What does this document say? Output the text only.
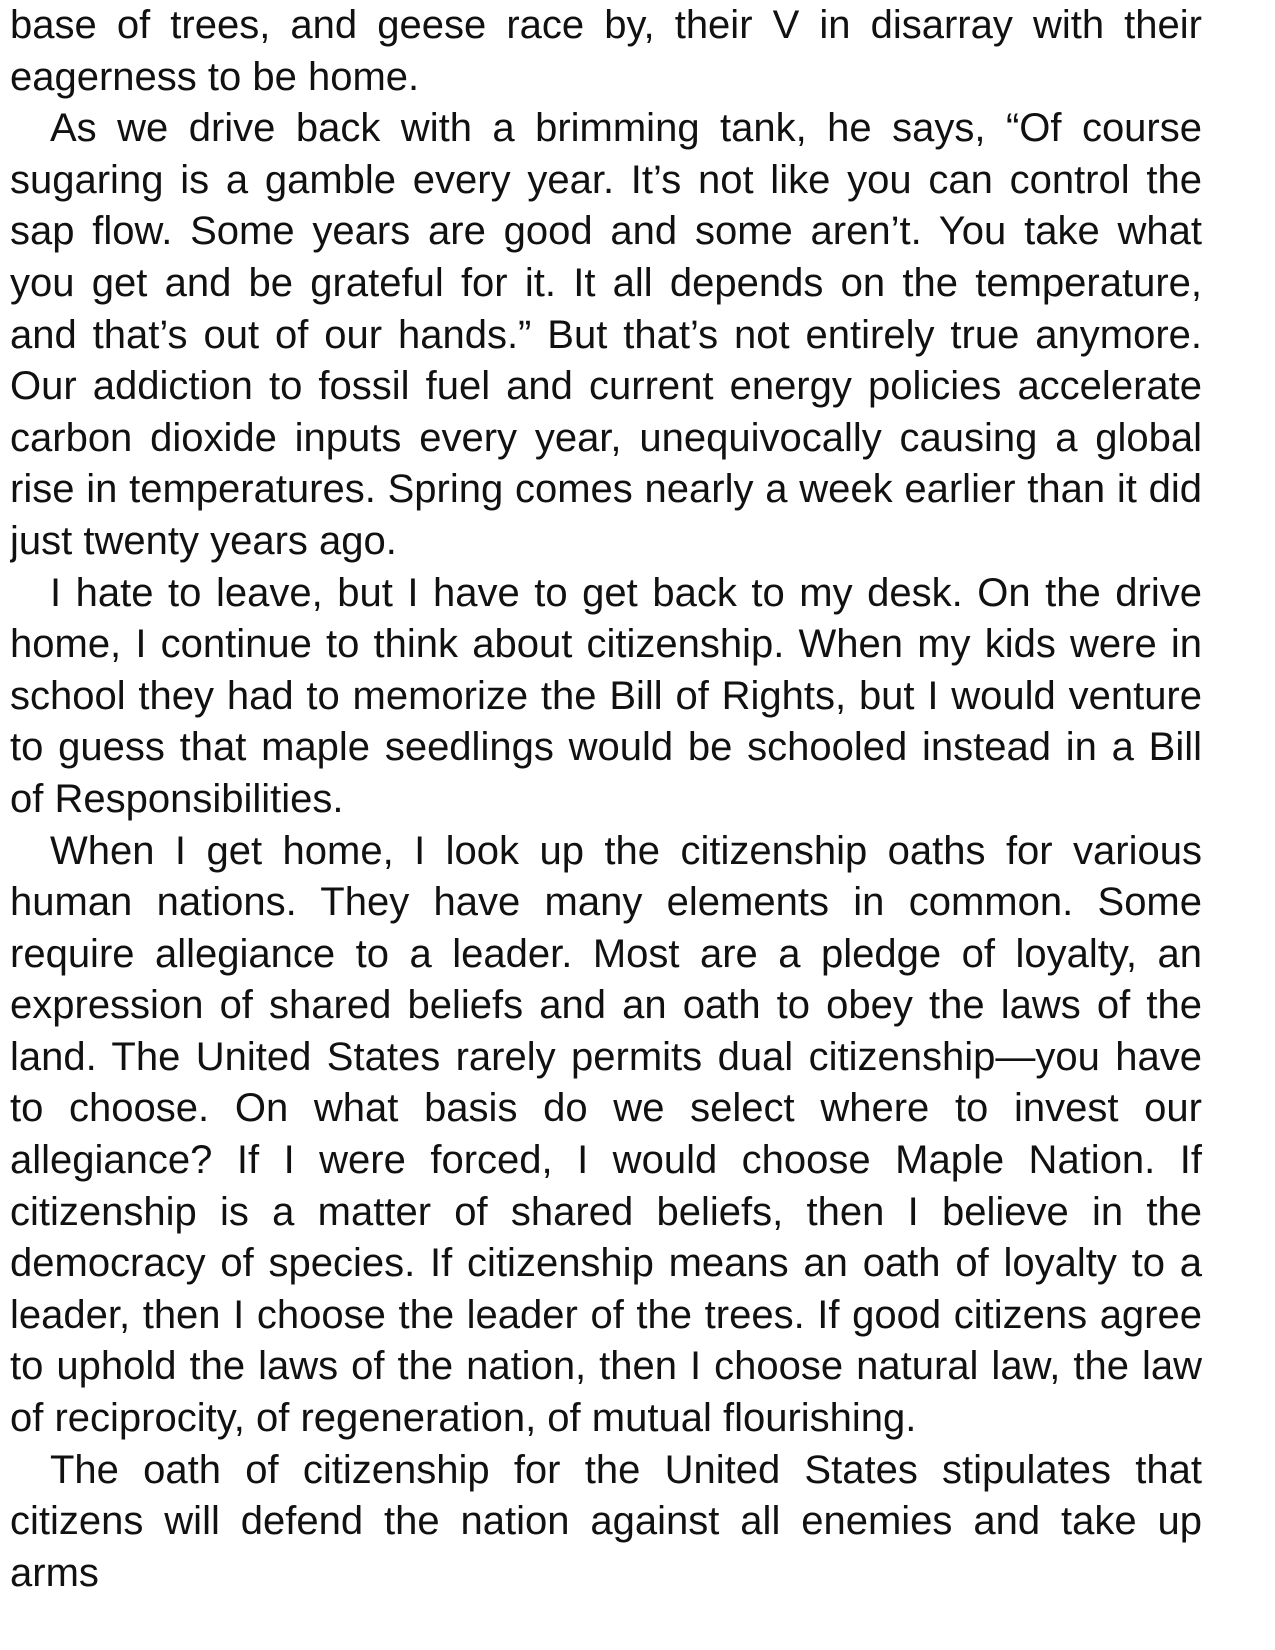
base of trees, and geese race by, their V in disarray with their eagerness to be home.

As we drive back with a brimming tank, he says, “Of course sugaring is a gamble every year. It’s not like you can control the sap flow. Some years are good and some aren’t. You take what you get and be grateful for it. It all depends on the temperature, and that’s out of our hands.” But that’s not entirely true anymore. Our addiction to fossil fuel and current energy policies accelerate carbon dioxide inputs every year, unequivocally causing a global rise in temperatures. Spring comes nearly a week earlier than it did just twenty years ago.

I hate to leave, but I have to get back to my desk. On the drive home, I continue to think about citizenship. When my kids were in school they had to memorize the Bill of Rights, but I would venture to guess that maple seedlings would be schooled instead in a Bill of Responsibilities.

When I get home, I look up the citizenship oaths for various human nations. They have many elements in common. Some require allegiance to a leader. Most are a pledge of loyalty, an expression of shared beliefs and an oath to obey the laws of the land. The United States rarely permits dual citizenship—you have to choose. On what basis do we select where to invest our allegiance? If I were forced, I would choose Maple Nation. If citizenship is a matter of shared beliefs, then I believe in the democracy of species. If citizenship means an oath of loyalty to a leader, then I choose the leader of the trees. If good citizens agree to uphold the laws of the nation, then I choose natural law, the law of reciprocity, of regeneration, of mutual flourishing.

The oath of citizenship for the United States stipulates that citizens will defend the nation against all enemies and take up arms
